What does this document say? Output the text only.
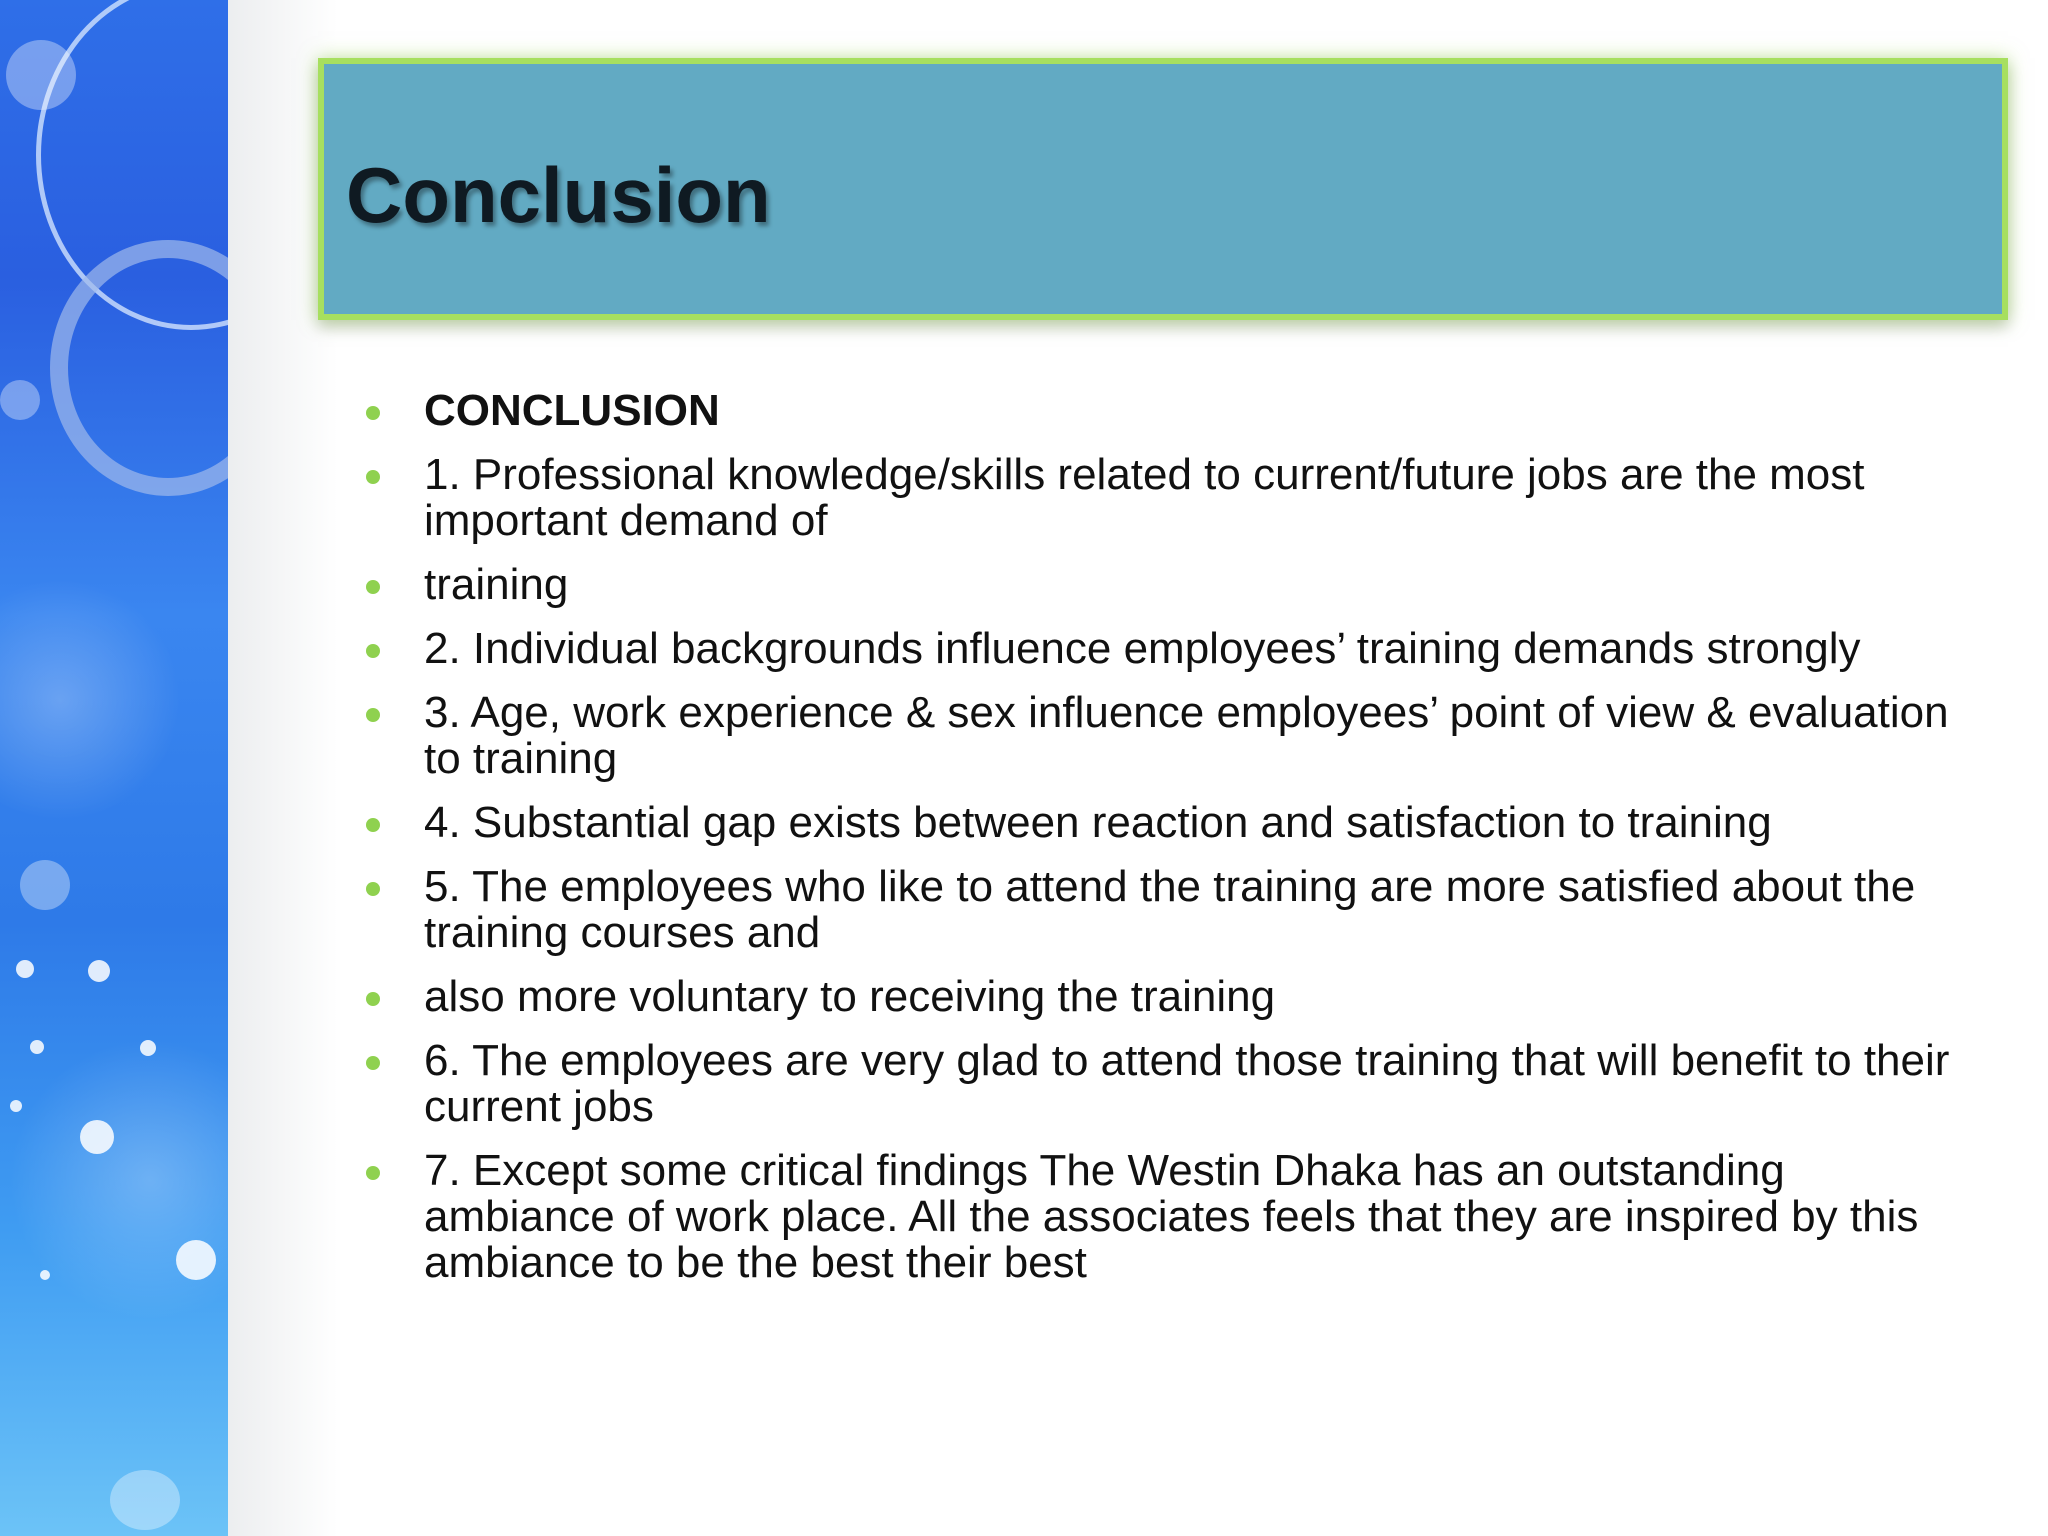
Conclusion
CONCLUSION
1. Professional knowledge/skills related to current/future jobs are the most important demand of
training
2. Individual backgrounds influence employees’ training demands strongly
3. Age, work experience & sex influence employees’ point of view & evaluation to training
4. Substantial gap exists between reaction and satisfaction to training
5. The employees who like to attend the training are more satisfied about the training courses and
also more voluntary to receiving the training
6. The employees are very glad to attend those training that will benefit to their current jobs
7. Except some critical findings The Westin Dhaka has an outstanding ambiance of work place. All the associates feels that they are inspired by this ambiance to be the best their best
